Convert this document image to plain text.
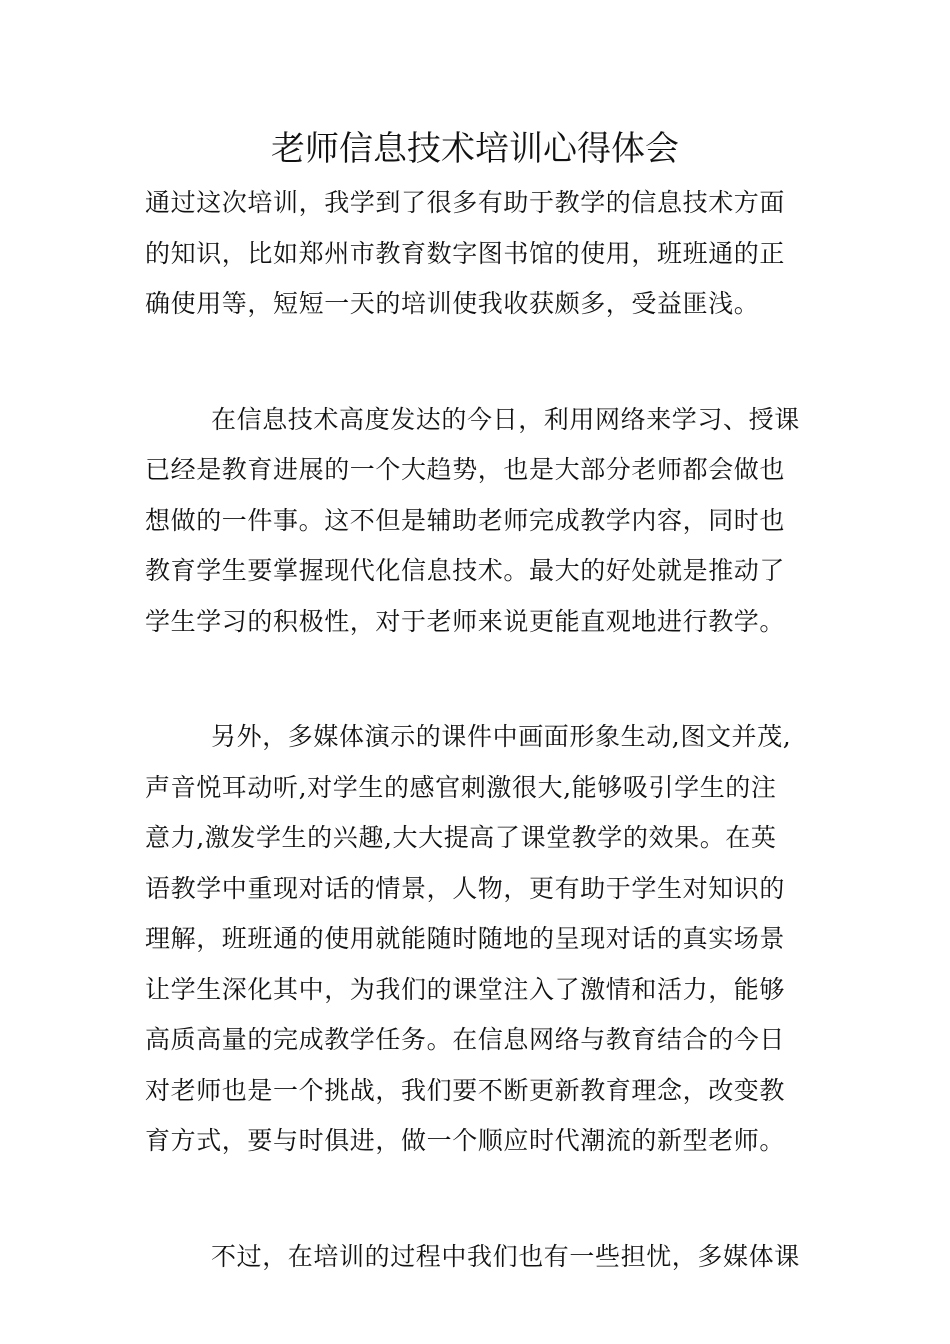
老师信息技术培训心得体会
通过这次培训，我学到了很多有助于教学的信息技术方面
的知识，比如郑州市教育数字图书馆的使用，班班通的正
确使用等，短短一天的培训使我收获颇多，受益匪浅。
在信息技术高度发达的今日，利用网络来学习、授课
已经是教育进展的一个大趋势，也是大部分老师都会做也
想做的一件事。这不但是辅助老师完成教学内容，同时也
教育学生要掌握现代化信息技术。最大的好处就是推动了
学生学习的积极性，对于老师来说更能直观地进行教学。
另外，多媒体演示的课件中画面形象生动,图文并茂,
声音悦耳动听,对学生的感官刺激很大,能够吸引学生的注
意力,激发学生的兴趣,大大提高了课堂教学的效果。在英
语教学中重现对话的情景，人物，更有助于学生对知识的
理解，班班通的使用就能随时随地的呈现对话的真实场景
让学生深化其中，为我们的课堂注入了激情和活力，能够
高质高量的完成教学任务。在信息网络与教育结合的今日
对老师也是一个挑战，我们要不断更新教育理念，改变教
育方式，要与时俱进，做一个顺应时代潮流的新型老师。
不过，在培训的过程中我们也有一些担忧，多媒体课
